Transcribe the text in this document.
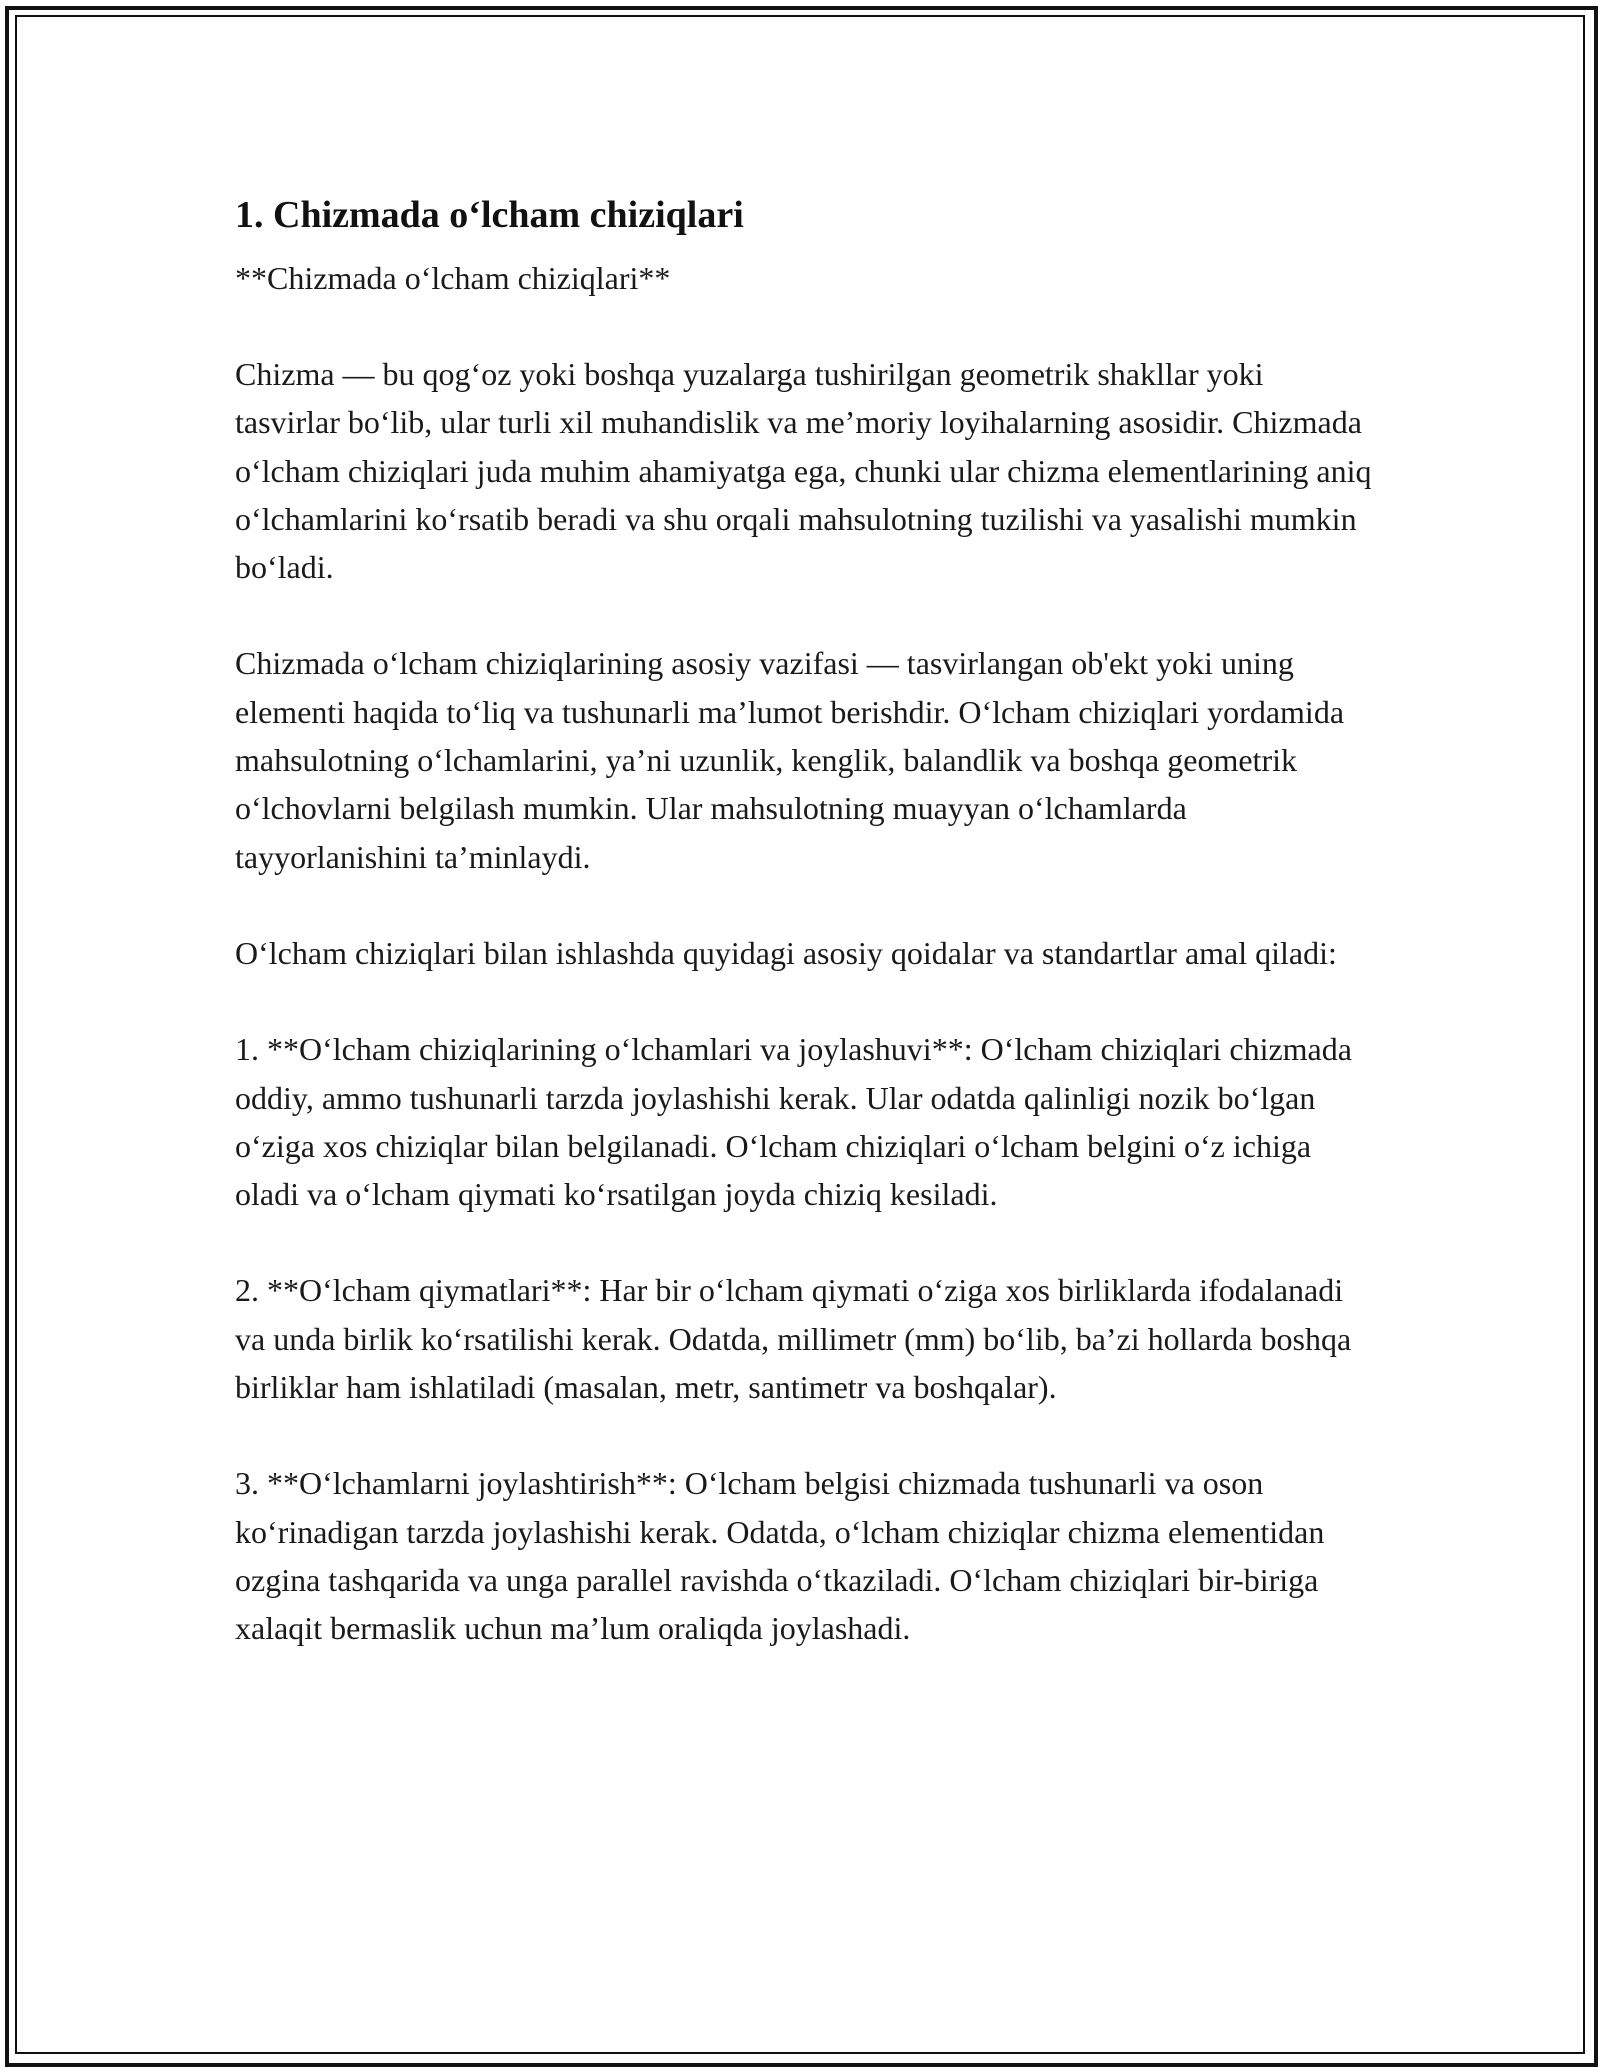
1. Chizmada o‘lcham chiziqlari

**Chizmada o‘lcham chiziqlari**

Chizma — bu qog‘oz yoki boshqa yuzalarga tushirilgan geometrik shakllar yoki tasvirlar bo‘lib, ular turli xil muhandislik va me’moriy loyihalarning asosidir. Chizmada o‘lcham chiziqlari juda muhim ahamiyatga ega, chunki ular chizma elementlarining aniq o‘lchamlarini ko‘rsatib beradi va shu orqali mahsulotning tuzilishi va yasalishi mumkin bo‘ladi.

Chizmada o‘lcham chiziqlarining asosiy vazifasi — tasvirlangan ob'ekt yoki uning elementi haqida to‘liq va tushunarli ma’lumot berishdir. O‘lcham chiziqlari yordamida mahsulotning o‘lchamlarini, ya’ni uzunlik, kenglik, balandlik va boshqa geometrik o‘lchovlarni belgilash mumkin. Ular mahsulotning muayyan o‘lchamlarda tayyorlanishini ta’minlaydi.

O‘lcham chiziqlari bilan ishlashda quyidagi asosiy qoidalar va standartlar amal qiladi:

1. **O‘lcham chiziqlarining o‘lchamlari va joylashuvi**: O‘lcham chiziqlari chizmada oddiy, ammo tushunarli tarzda joylashishi kerak. Ular odatda qalinligi nozik bo‘lgan o‘ziga xos chiziqlar bilan belgilanadi. O‘lcham chiziqlari o‘lcham belgini o‘z ichiga oladi va o‘lcham qiymati ko‘rsatilgan joyda chiziq kesiladi.

2. **O‘lcham qiymatlari**: Har bir o‘lcham qiymati o‘ziga xos birliklarda ifodalanadi va unda birlik ko‘rsatilishi kerak. Odatda, millimetr (mm) bo‘lib, ba’zi hollarda boshqa birliklar ham ishlatiladi (masalan, metr, santimetr va boshqalar).

3. **O‘lchamlarni joylashtirish**: O‘lcham belgisi chizmada tushunarli va oson ko‘rinadigan tarzda joylashishi kerak. Odatda, o‘lcham chiziqlar chizma elementidan ozgina tashqarida va unga parallel ravishda o‘tkaziladi. O‘lcham chiziqlari bir-biriga xalaqit bermaslik uchun ma’lum oraliqda joylashadi.
